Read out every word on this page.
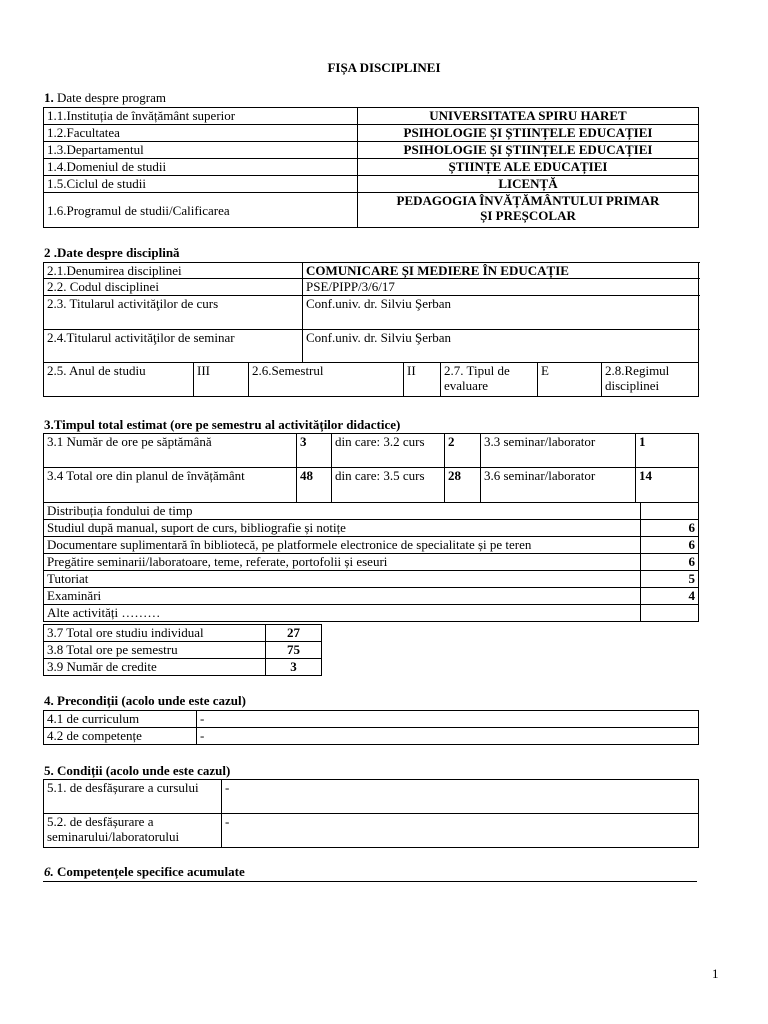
FIȘA DISCIPLINEI
1. Date despre program
1.1.Instituția de învățământ superior	UNIVERSITATEA SPIRU HARET
1.2.Facultatea	PSIHOLOGIE ȘI ȘTIINȚELE EDUCAȚIEI
1.3.Departamentul	PSIHOLOGIE ȘI ȘTIINȚELE EDUCAȚIEI
1.4.Domeniul de studii	ȘTIINȚE ALE EDUCAȚIEI
1.5.Ciclul de studii	LICENȚĂ
1.6.Programul de studii/Calificarea	PEDAGOGIA ÎNVĂȚĂMÂNTULUI PRIMAR
ȘI PREȘCOLAR
2 .Date despre disciplină
2.1.Denumirea disciplinei			COMUNICARE ȘI MEDIERE ÎN EDUCAȚIE					
2.2. Codul disciplinei			PSE/PIPP/3/6/17					
2.3. Titularul activităţilor de curs			Conf.univ. dr. Silviu Şerban					
2.4.Titularul activităţilor de seminar			Conf.univ. dr. Silviu Şerban					
2.5. Anul de studiu	III	2.6.Semestrul		II	2.7. Tipul de evaluare	E	2.8.Regimul disciplinei	
3.Timpul total estimat (ore pe semestru al activităților didactice)
3.1 Număr de ore pe săptămână	3	din care: 3.2 curs	2	3.3 seminar/laborator	1
3.4 Total ore din planul de învățământ	48	din care: 3.5 curs	28	3.6 seminar/laborator	14
Distribuția fondului de timp	
Studiul după manual, suport de curs, bibliografie și notițe	6
Documentare suplimentară în bibliotecă, pe platformele electronice de specialitate și pe teren	6
Pregătire seminarii/laboratoare, teme, referate, portofolii și eseuri	6
Tutoriat	5
Examinări	4
Alte activități ………	
3.7 Total ore studiu individual	27
3.8 Total ore pe semestru	75
3.9 Număr de credite	3
4. Precondiții (acolo unde este cazul)
4.1 de curriculum	-
4.2 de competențe	-
5. Condiții (acolo unde este cazul)
5.1. de desfășurare a cursului	-
5.2. de desfășurare a seminarului/laboratorului	-
6. Competențele specifice acumulate
1
